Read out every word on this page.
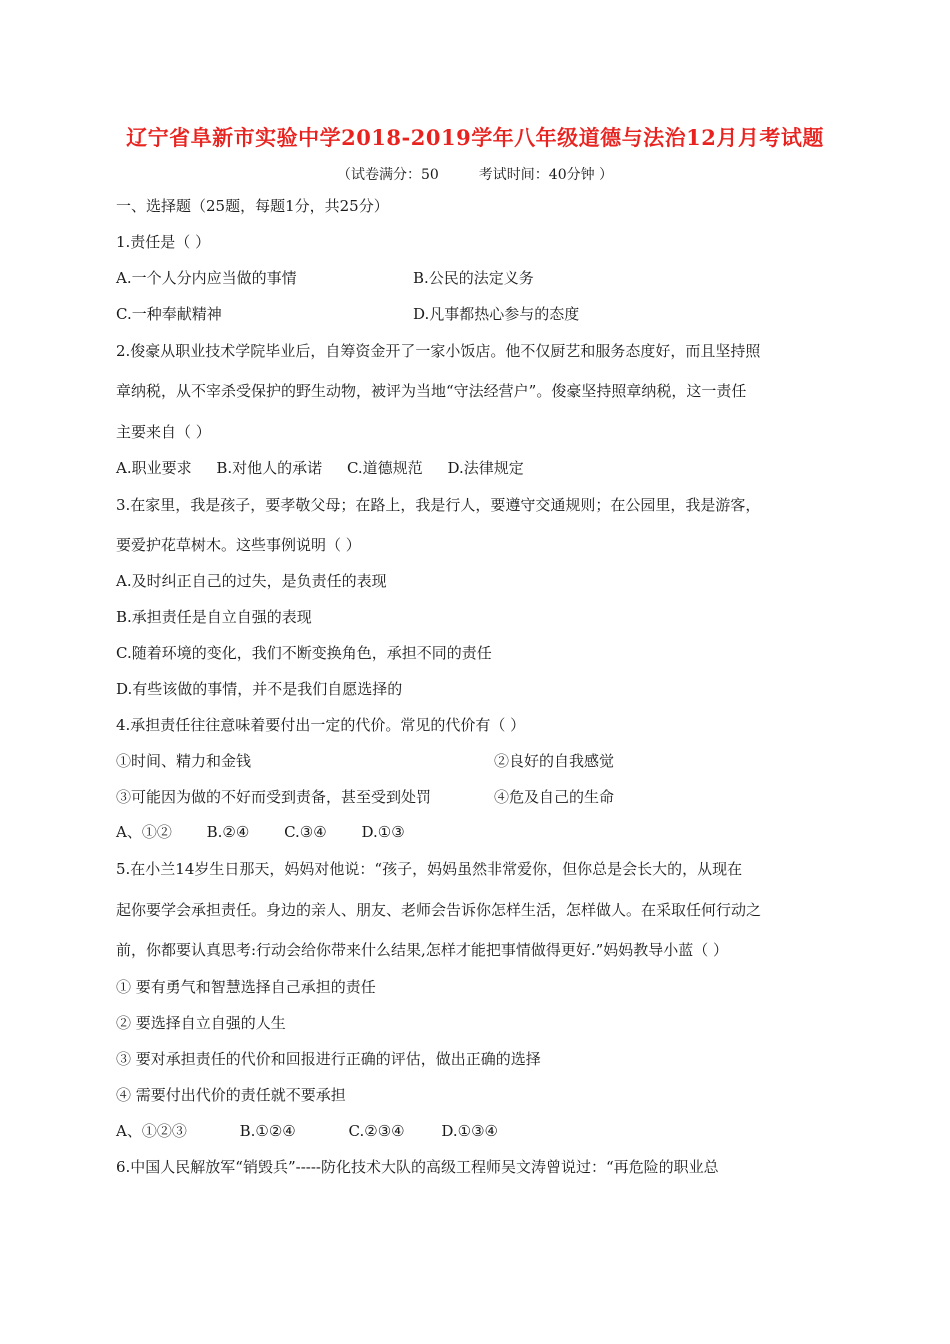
辽宁省阜新市实验中学2018-2019学年八年级道德与法治12月月考试题
（试卷满分：50	考试时间：40分钟 ）
一、选择题（25题，每题1分，共25分）
1.责任是（ ）
A.一个人分内应当做的事情	B.公民的法定义务
C.一种奉献精神	D.凡事都热心参与的态度
2.俊豪从职业技术学院毕业后，自筹资金开了一家小饭店。他不仅厨艺和服务态度好，而且坚持照
章纳税，从不宰杀受保护的野生动物，被评为当地“守法经营户”。俊豪坚持照章纳税，这一责任
主要来自（ ）
A.职业要求 B.对他人的承诺 C.道德规范 D.法律规定
3.在家里，我是孩子，要孝敬父母；在路上，我是行人，要遵守交通规则；在公园里，我是游客，
要爱护花草树木。这些事例说明（ ）
A.及时纠正自己的过失，是负责任的表现
B.承担责任是自立自强的表现
C.随着环境的变化，我们不断变换角色，承担不同的责任
D.有些该做的事情，并不是我们自愿选择的
4.承担责任往往意味着要付出一定的代价。常见的代价有（ ）
①时间、精力和金钱	②良好的自我感觉
③可能因为做的不好而受到责备，甚至受到处罚	④危及自己的生命
A、①② B.②④ C.③④ D.①③
5.在小兰14岁生日那天，妈妈对他说：“孩子，妈妈虽然非常爱你，但你总是会长大的，从现在
起你要学会承担责任。身边的亲人、朋友、老师会告诉你怎样生活，怎样做人。在采取任何行动之
前，你都要认真思考:行动会给你带来什么结果,怎样才能把事情做得更好.”妈妈教导小蓝（ ）
① 要有勇气和智慧选择自己承担的责任
② 要选择自立自强的人生
③ 要对承担责任的代价和回报进行正确的评估，做出正确的选择
④ 需要付出代价的责任就不要承担
A、①②③	B.①②④	C.②③④ D.①③④
6.中国人民解放军“销毁兵”-----防化技术大队的高级工程师吴文涛曾说过：“再危险的职业总
